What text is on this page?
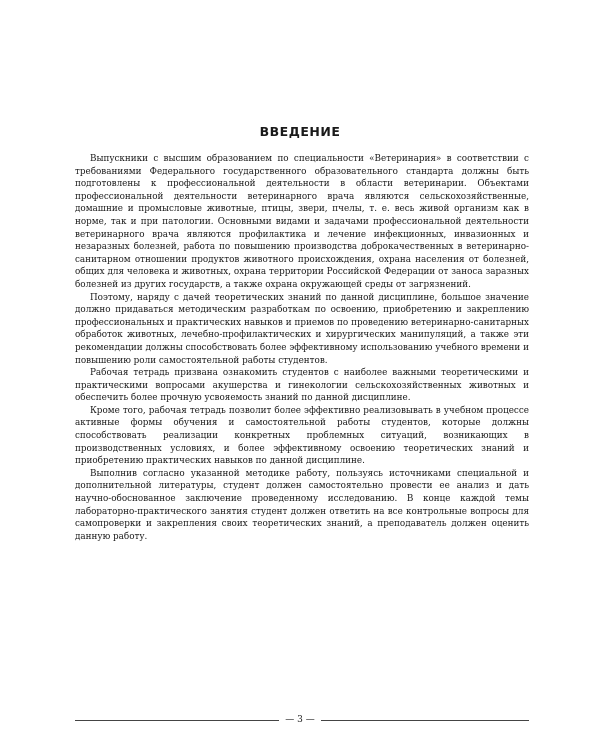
ВВЕДЕНИЕ

Выпускники с высшим образованием по специальности «Ветеринария» в соответствии с требованиями Федерального государственного образовательного стандарта должны быть подготовлены к профессиональной деятельности в области ветеринарии. Объектами профессиональной деятельности ветеринарного врача являются сельскохозяйственные, домашние и промысловые животные, птицы, звери, пчелы, т. е. весь живой организм как в норме, так и при патологии. Основными видами и задачами профессиональной деятельности ветеринарного врача являются профилактика и лечение инфекционных, инвазионных и незаразных болезней, работа по повышению производства доброкачественных в ветеринарно-санитарном отношении продуктов животного происхождения, охрана населения от болезней, общих для человека и животных, охрана территории Российской Федерации от заноса заразных болезней из других государств, а также охрана окружающей среды от загрязнений.

Поэтому, наряду с дачей теоретических знаний по данной дисциплине, большое значение должно придаваться методическим разработкам по освоению, приобретению и закреплению профессиональных и практических навыков и приемов по проведению ветеринарно-санитарных обработок животных, лечебно-профилактических и хирургических манипуляций, а также эти рекомендации должны способствовать более эффективному использованию учебного времени и повышению роли самостоятельной работы студентов.

Рабочая тетрадь призвана ознакомить студентов с наиболее важными теоретическими и практическими вопросами акушерства и гинекологии сельскохозяйственных животных и обеспечить более прочную усвояемость знаний по данной дисциплине.

Кроме того, рабочая тетрадь позволит более эффективно реализовывать в учебном процессе активные формы обучения и самостоятельной работы студентов, которые должны способствовать реализации конкретных проблемных ситуаций, возникающих в производственных условиях, и более эффективному освоению теоретических знаний и приобретению практических навыков по данной дисциплине.

Выполнив согласно указанной методике работу, пользуясь источниками специальной и дополнительной литературы, студент должен самостоятельно провести ее анализ и дать научно-обоснованное заключение проведенному исследованию. В конце каждой темы лабораторно-практического занятия студент должен ответить на все контрольные вопросы для самопроверки и закрепления своих теоретических знаний, а преподаватель должен оценить данную работу.

— 3 —
